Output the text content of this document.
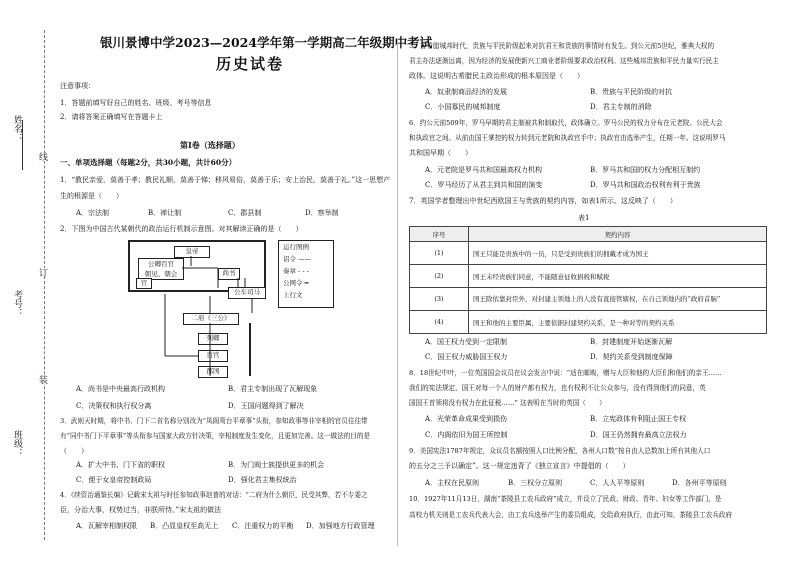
姓名：
线
考号：
订
装
班级：
银川景博中学2023—2024学年第一学期高二年级期中考试
历史试卷
注意事项：
1．答题前填写好自己的姓名、班级、考号等信息
2．请将答案正确填写在答题卡上
第Ⅰ卷（选择题）
一、单项选择题（每题2分，共30小题，共计60分）
1．“教民亲爱，莫善于孝；教民礼顺，莫善于悌；移风易俗，莫善于乐；安上治民，莫善于礼。”这一思想产
生的根源是（　　）
A．宗法制	B．禅让制	C．郡县制	D．察举制
2．下图为中国古代某朝代的政治运行机制示意图。对其解读正确的是（　　）
皇帝
公卿百官
朝见、朝会
官
尚书
公车司马
二府《三公》
列卿
百官
郡国
运行图例
诏令 ——
奏章 - - -
公网令 ━
上行文
A．尚书是中央最高行政机构	B．君主专制出现了瓦解现象
C．决策权和执行权分离	D．王国问题得到了解决
3．武则天时期，将中书、门下二省名称分别改为“凤阁鸾台平章事”头衔，参知政事等非宰相的官员往往带
有“同中书门下平章事”等头衔参与国家大政方针决策，宰相制度发生变化，且更加完善。这一做法的目的是
（　　）
A．扩大中书、门下省的职权	B．为门阀士族提供更多的机会
C．便于女皇帝控制政局	D．强化君主集权统治
4．《续资治通鉴长编》记载宋太祖与时任参知政事赵普的对话：“二府为什么朝臣，民受其弊，若不专委之
臣，分治大事，权势过当，非朕所恃。”宋太祖的做法
A．瓦解宰相制权限 B．凸显皇权至高无上 C．注重权力的平衡 D．加强地方行政管理
5．古希腊城邦时代，贵族与平民阶级起来对抗君王和贵族的事情时有发生。到公元前5世纪，雅典大权的
君主办法逐渐远离，因为经济的发展使新兴工商业者阶级要求政治权利。这些城邦贵族和平民力量实行民主
政体。这说明古希腊民主政治形成的根本原因是（　　）
A．奴隶制商品经济的发展	B．贵族与平民阶级的对抗
C．小国寡民的城邦制度	D．君主专制的消除
6．约公元前509年，罗马早期的君主制被共和制取代，政体确立。罗马公民的权力分布在元老院、公民大会
和执政官之间。从前由国王掌控的权力转到元老院和执政官手中；执政官由选举产生，任期一年。这说明罗马
共和国早期（　　）
A．元老院是罗马共和国最高权力机构	B．罗马共和国的权力分配相互制约
C．罗马经历了从君主到共和国的演变	D．罗马共和国政治权利有利于贵族
7．英国学者整理出中世纪西欧国王与贵族的契约内容，如表1所示。这反映了（　　）
表1
序号	契约内容
(1)	国王只能是贵族中的一员，只是受到贵族们的拥戴才成为国王
(2)	国王未经贵族们同意，不能随意征收捐税和赋税
(3)	国王除依靠封臣外，对封建主领地上的人没有直接管辖权，在自己领地内的“政府首脑”
(4)	国王和他的主要臣属，主要依据封建契约关系，是一种对等的契约关系
A．国王权力受到一定限制	B．封建制度开始逐渐瓦解
C．国王权力威胁国王权力	D．契约关系受到制度保障
8．18世纪中叶，一位英国国会议员在议会发言中说：“适在邮购，赠与大臣和他的大臣们和他们的亲王……
我们的宪法规定，国王对每一个人的财产都有权力，也有权利不让公众参与，没有得到他们的同意，英
国国王首领将没有权力在此征税……” 这表明在当时的英国（　　）
A．光荣革命成果受到损伤	B．立宪政体有利阻止国王专权
C．内阁依旧为国王所控制	D．国王仍然拥有最高立法权力
9．美国宪法1787年规定，众议员名额按照人口比例分配，各州人口数“按自由人总数加上所有其他人口
的五分之三予以确定”。这一规定违背了《独立宣言》中提倡的（　　）
A．主权在民原则	B．三权分立原则	C．人人平等原则	D．各州平等原则
10．1927年11月13日，湖南“茶陵县工农兵政府”成立，并设立了民政、财政、青年、妇女等工作部门，是
高校力机关则是工农兵代表大会，由工农兵选举产生的委员组成，交给政府执行，由此可知，茶陵县工农兵政府
